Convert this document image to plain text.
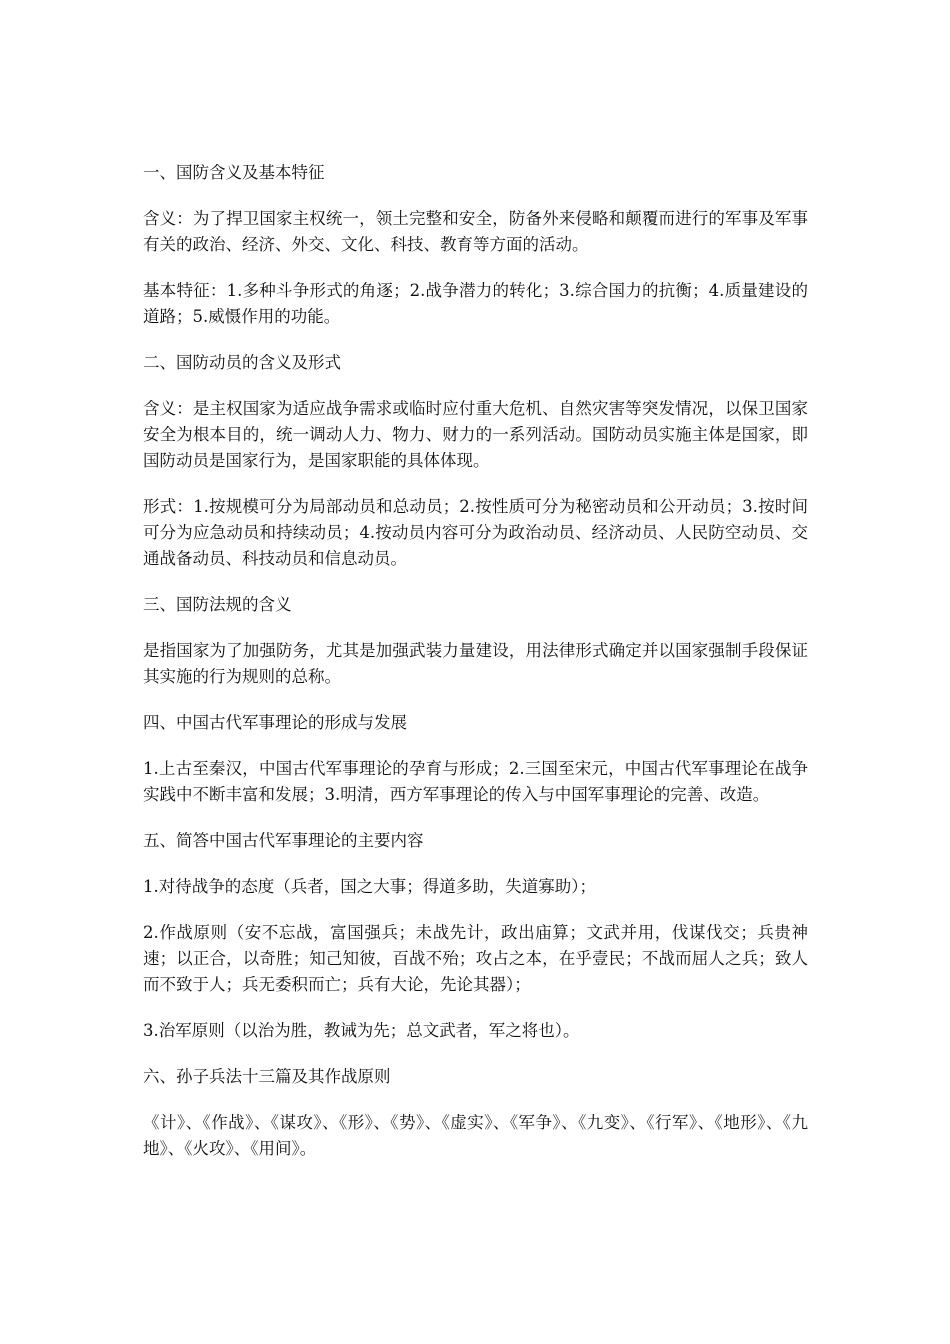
一、国防含义及基本特征

含义：为了捍卫国家主权统一，领土完整和安全，防备外来侵略和颠覆而进行的军事及军事有关的政治、经济、外交、文化、科技、教育等方面的活动。

基本特征：1.多种斗争形式的角逐；2.战争潜力的转化；3.综合国力的抗衡；4.质量建设的道路；5.威慑作用的功能。

二、国防动员的含义及形式

含义：是主权国家为适应战争需求或临时应付重大危机、自然灾害等突发情况，以保卫国家安全为根本目的，统一调动人力、物力、财力的一系列活动。国防动员实施主体是国家，即国防动员是国家行为，是国家职能的具体体现。

形式：1.按规模可分为局部动员和总动员；2.按性质可分为秘密动员和公开动员；3.按时间可分为应急动员和持续动员；4.按动员内容可分为政治动员、经济动员、人民防空动员、交通战备动员、科技动员和信息动员。

三、国防法规的含义

是指国家为了加强防务，尤其是加强武装力量建设，用法律形式确定并以国家强制手段保证其实施的行为规则的总称。

四、中国古代军事理论的形成与发展

1.上古至秦汉，中国古代军事理论的孕育与形成；2.三国至宋元，中国古代军事理论在战争实践中不断丰富和发展；3.明清，西方军事理论的传入与中国军事理论的完善、改造。

五、简答中国古代军事理论的主要内容

1.对待战争的态度（兵者，国之大事；得道多助，失道寡助）；

2.作战原则（安不忘战，富国强兵；未战先计，政出庙算；文武并用，伐谋伐交；兵贵神速；以正合，以奇胜；知己知彼，百战不殆；攻占之本，在乎壹民；不战而屈人之兵；致人而不致于人；兵无委积而亡；兵有大论，先论其器）；

3.治军原则（以治为胜，教诫为先；总文武者，军之将也）。

六、孙子兵法十三篇及其作战原则

《计》、《作战》、《谋攻》、《形》、《势》、《虚实》、《军争》、《九变》、《行军》、《地形》、《九地》、《火攻》、《用间》。
